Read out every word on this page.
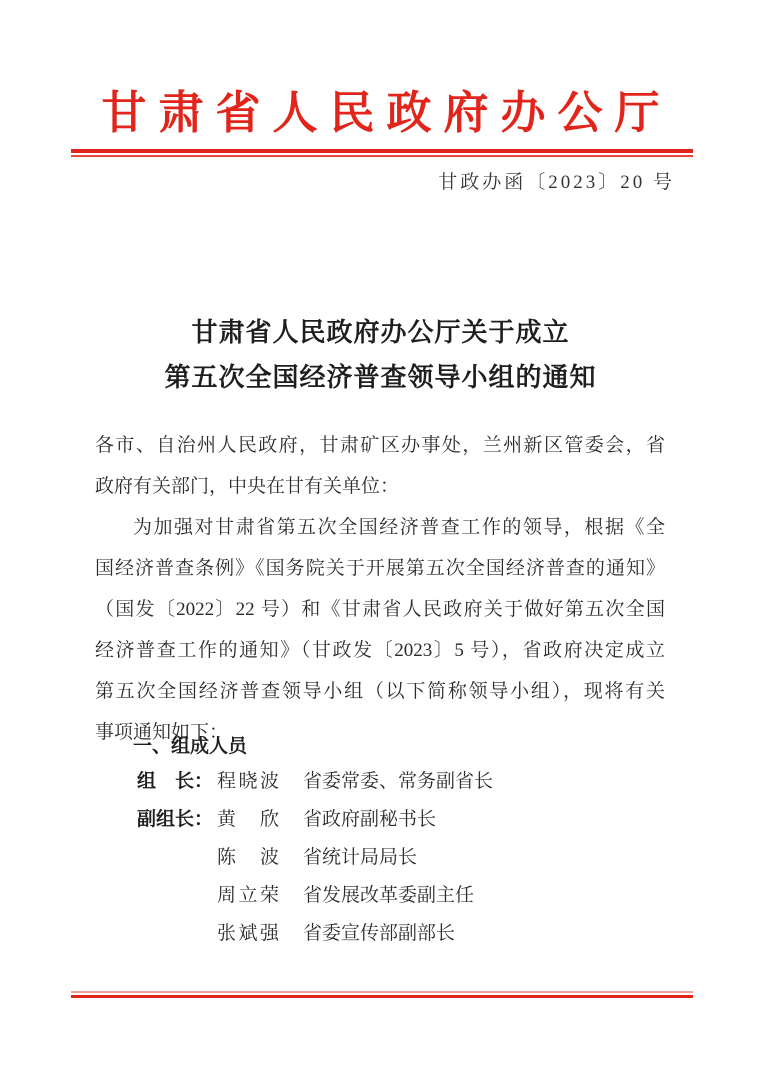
甘肃省人民政府办公厅
甘政办函〔2023〕20 号
甘肃省人民政府办公厅关于成立
第五次全国经济普查领导小组的通知
各市、自治州人民政府，甘肃矿区办事处，兰州新区管委会，省
政府有关部门，中央在甘有关单位：
为加强对甘肃省第五次全国经济普查工作的领导，根据《全
国经济普查条例》《国务院关于开展第五次全国经济普查的通知》
（国发〔2022〕22 号）和《甘肃省人民政府关于做好第五次全国
经济普查工作的通知》（甘政发〔2023〕5 号），省政府决定成立
第五次全国经济普查领导小组（以下简称领导小组），现将有关
事项通知如下：
一、组成人员
组　长： 程晓波 省委常委、常务副省长
副组长： 黄　欣 省政府副秘书长
陈　波 省统计局局长
周立荣 省发展改革委副主任
张斌强 省委宣传部副部长
